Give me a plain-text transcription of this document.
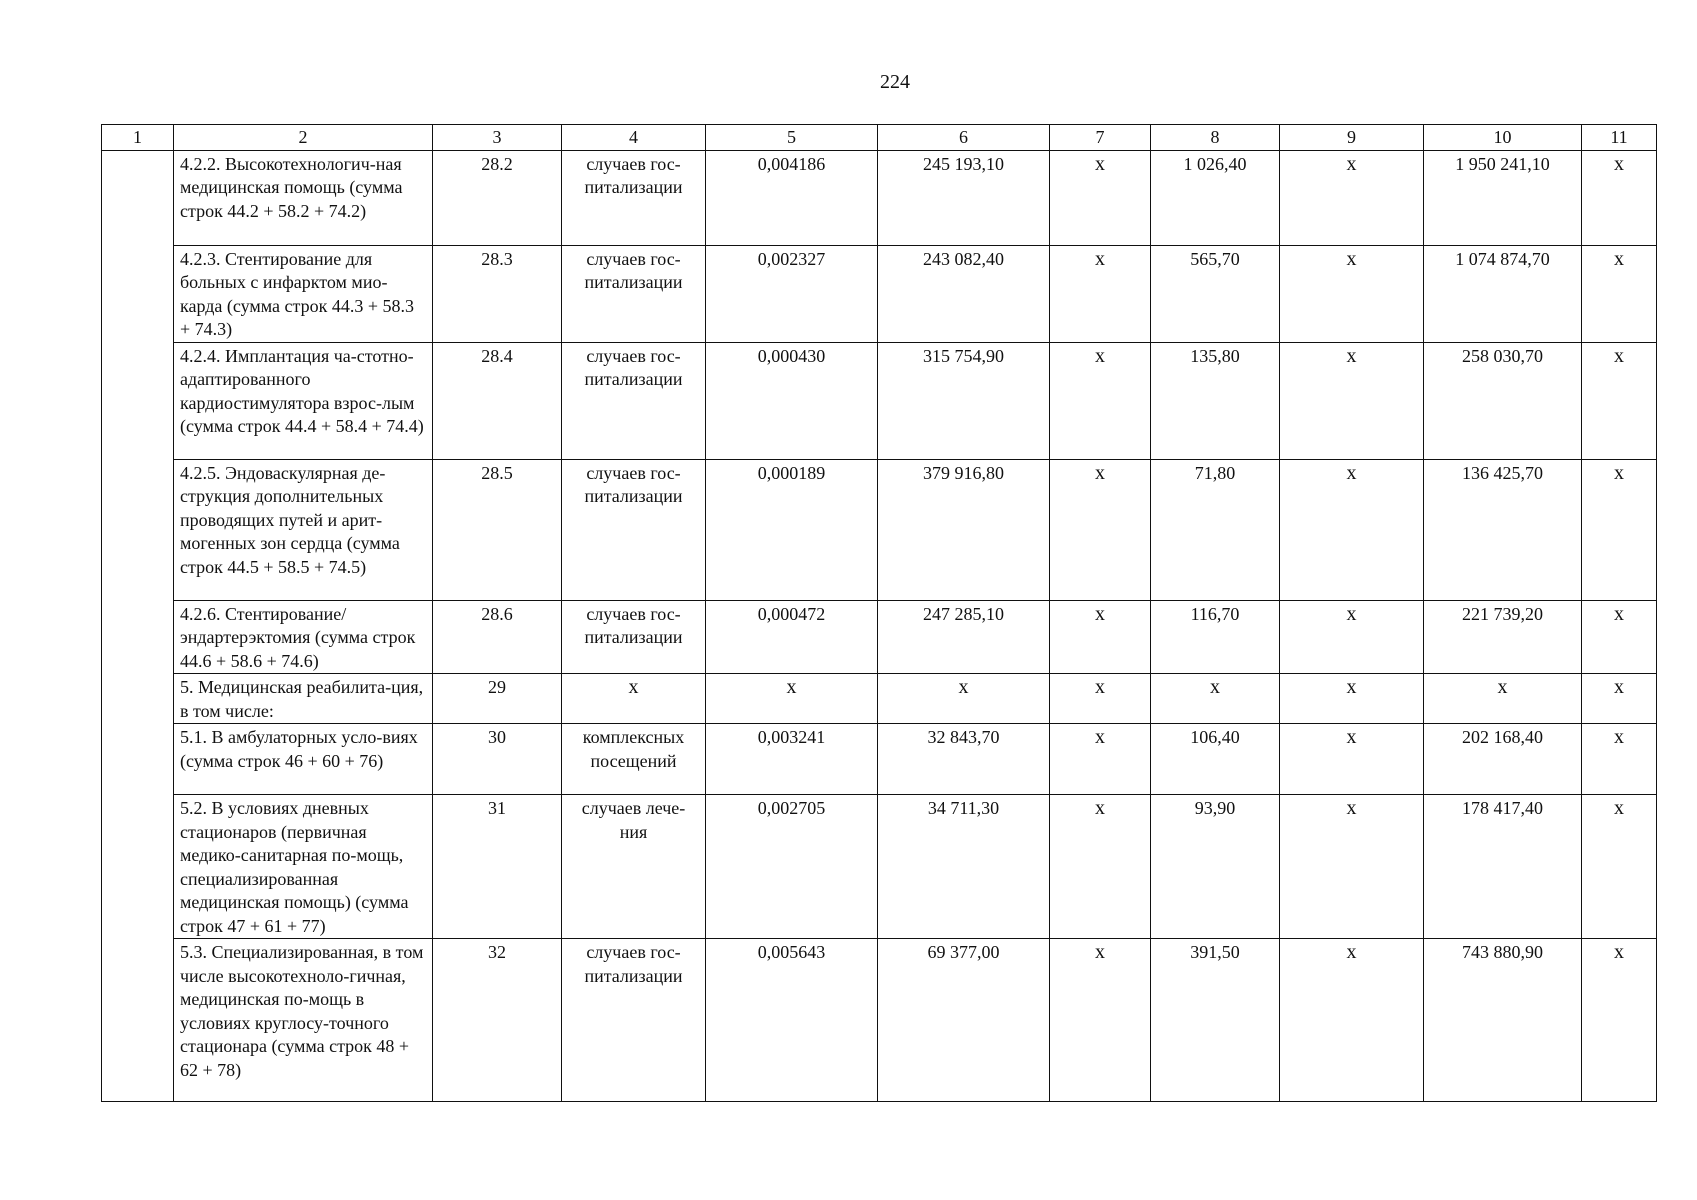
224
1	2	3	4	5	6	7	8	9	10	11
	4.2.2. Высокотехнологич-ная медицинская помощь (сумма строк 44.2 + 58.2 + 74.2)	28.2	случаев гос-питализации	0,004186	245 193,10	х	1 026,40	х	1 950 241,10	х
	4.2.3. Стентирование для больных с инфарктом мио-карда (сумма строк 44.3 + 58.3 + 74.3)	28.3	случаев гос-питализации	0,002327	243 082,40	х	565,70	х	1 074 874,70	х
	4.2.4. Имплантация ча-стотно-адаптированного кардиостимулятора взрос-лым (сумма строк 44.4 + 58.4 + 74.4)	28.4	случаев гос-питализации	0,000430	315 754,90	х	135,80	х	258 030,70	х
	4.2.5. Эндоваскулярная де-струкция дополнительных проводящих путей и арит-могенных зон сердца (сумма строк 44.5 + 58.5 + 74.5)	28.5	случаев гос-питализации	0,000189	379 916,80	х	71,80	х	136 425,70	х
	4.2.6. Стентирование/ эндартерэктомия (сумма строк 44.6 + 58.6 + 74.6)	28.6	случаев гос-питализации	0,000472	247 285,10	х	116,70	х	221 739,20	х
	5. Медицинская реабилита-ция, в том числе:	29	х	х	х	х	х	х	х	х
	5.1. В амбулаторных усло-виях (сумма строк 46 + 60 + 76)	30	комплексных посещений	0,003241	32 843,70	х	106,40	х	202 168,40	х
	5.2. В условиях дневных стационаров (первичная медико-санитарная по-мощь, специализированная медицинская помощь) (сумма строк 47 + 61 + 77)	31	случаев лече-ния	0,002705	34 711,30	х	93,90	х	178 417,40	х
	5.3. Специализированная, в том числе высокотехноло-гичная, медицинская по-мощь в условиях круглосу-точного стационара (сумма строк 48 + 62 + 78)	32	случаев гос-питализации	0,005643	69 377,00	х	391,50	х	743 880,90	х
